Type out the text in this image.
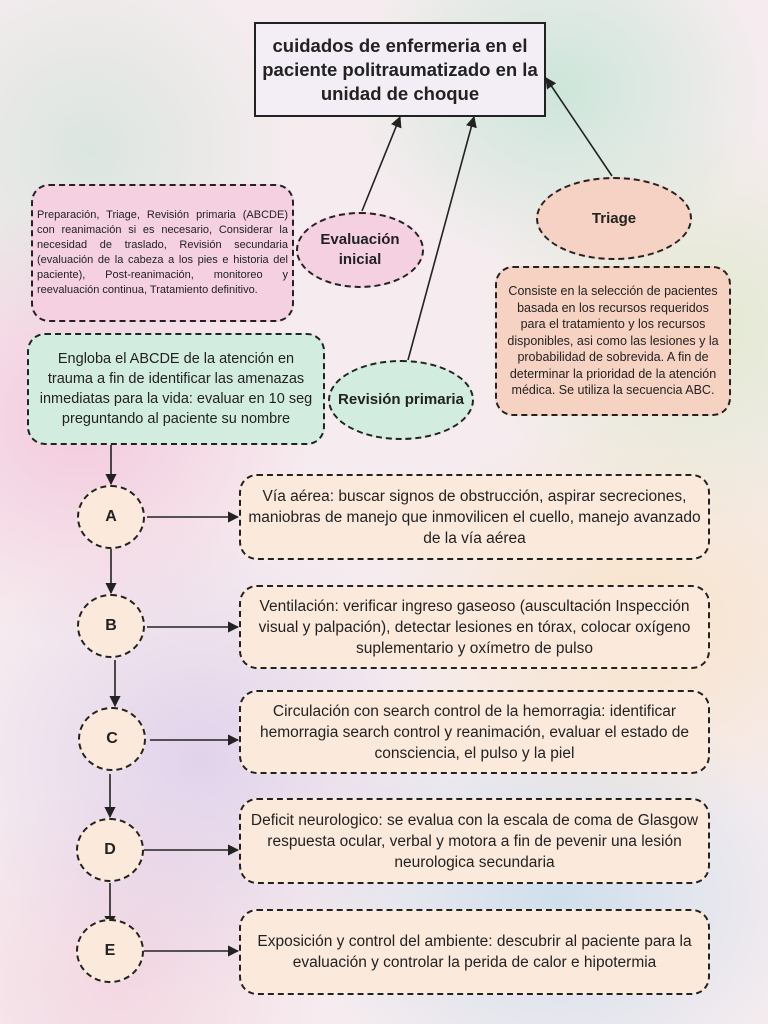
cuidados de enfermeria en el paciente politraumatizado en la unidad de choque
Preparación, Triage, Revisión primaria (ABCDE) con reanimación si es necesario, Considerar la necesidad de traslado, Revisión secundaria (evaluación de la cabeza a los pies e historia del paciente), Post-reanimación, monitoreo y reevaluación continua, Tratamiento definitivo.
Evaluación inicial
Triage
Consiste en la selección de pacientes basada en los recursos requeridos para el tratamiento y los recursos disponibles, asi como las lesiones y la probabilidad de sobrevida. A fin de determinar la prioridad de la atención médica. Se utiliza la secuencia ABC.
Engloba el ABCDE de la atención en trauma a fin de identificar las amenazas inmediatas para la vida: evaluar en 10 seg preguntando al paciente su nombre
Revisión primaria
A
Vía aérea: buscar signos de obstrucción, aspirar secreciones, maniobras de manejo que inmovilicen el cuello, manejo avanzado de la vía aérea
B
Ventilación: verificar ingreso gaseoso (auscultación Inspección visual y palpación), detectar lesiones en tórax, colocar oxígeno suplementario y oxímetro de pulso
C
Circulación con search control de la hemorragia: identificar hemorragia search control y reanimación, evaluar el estado de consciencia, el pulso y la piel
D
Deficit neurologico: se evalua con la escala de coma de Glasgow respuesta ocular, verbal y motora a fin de pevenir una lesión neurologica secundaria
E
Exposición y control del ambiente: descubrir al paciente para la evaluación y controlar la perida de calor e hipotermia
